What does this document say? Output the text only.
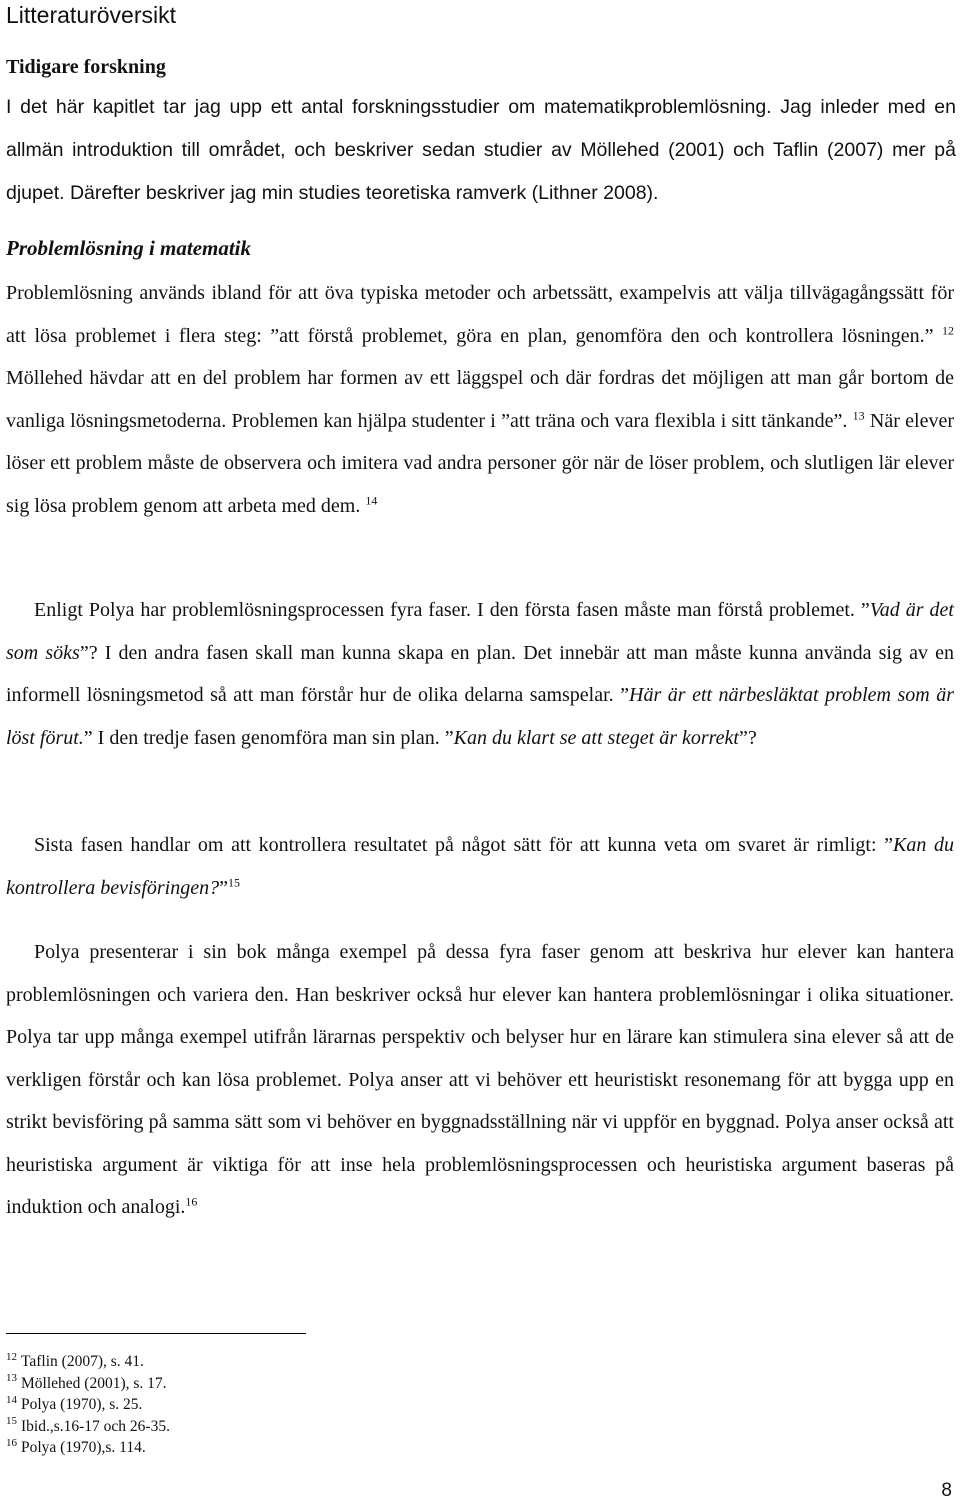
Litteraturöversikt
Tidigare forskning

I det här kapitlet tar jag upp ett antal forskningsstudier om matematikproblemlösning. Jag inleder med en allmän introduktion till området, och beskriver sedan studier av Möllehed (2001) och Taflin (2007) mer på djupet. Därefter beskriver jag min studies teoretiska ramverk (Lithner 2008).

Problemlösning i matematik

Problemlösning används ibland för att öva typiska metoder och arbetssätt, exampelvis att välja tillvägagångssätt för att lösa problemet i flera steg: ”att förstå problemet, göra en plan, genomföra den och kontrollera lösningen.” $^{12}$ Möllehed hävdar att en del problem har formen av ett läggspel och där fordras det möjligen att man går bortom de vanliga lösningsmetoderna. Problemen kan hjälpa studenter i ”att träna och vara flexibla i sitt tänkande”. $^{13}$ När elever löser ett problem måste de observera och imitera vad andra personer gör när de löser problem, och slutligen lär elever sig lösa problem genom att arbeta med dem. $^{14}$

Enligt Polya har problemlösningsprocessen fyra faser. I den första fasen måste man förstå problemet. ”Vad är det som söks”? I den andra fasen skall man kunna skapa en plan. Det innebär att man måste kunna använda sig av en informell lösningsmetod så att man förstår hur de olika delarna samspelar. ”Här är ett närbesläktat problem som är löst förut.” I den tredje fasen genomföra man sin plan. ”Kan du klart se att steget är korrekt”?

Sista fasen handlar om att kontrollera resultatet på något sätt för att kunna veta om svaret är rimligt: ”Kan du kontrollera bevisföringen?”$^{15}$

Polya presenterar i sin bok många exempel på dessa fyra faser genom att beskriva hur elever kan hantera problemlösningen och variera den. Han beskriver också hur elever kan hantera problemlösningar i olika situationer. Polya tar upp många exempel utifrån lärarnas perspektiv och belyser hur en lärare kan stimulera sina elever så att de verkligen förstår och kan lösa problemet. Polya anser att vi behöver ett heuristiskt resonemang för att bygga upp en strikt bevisföring på samma sätt som vi behöver en byggnadsställning när vi uppför en byggnad. Polya anser också att heuristiska argument är viktiga för att inse hela problemlösningsprocessen och heuristiska argument baseras på induktion och analogi.$^{16}$

$^{12}$ Taflin (2007), s. 41.
$^{13}$ Möllehed (2001), s. 17.
$^{14}$ Polya (1970), s. 25.
$^{15}$ Ibid.,s.16-17 och 26-35.
$^{16}$ Polya (1970),s. 114.
8
